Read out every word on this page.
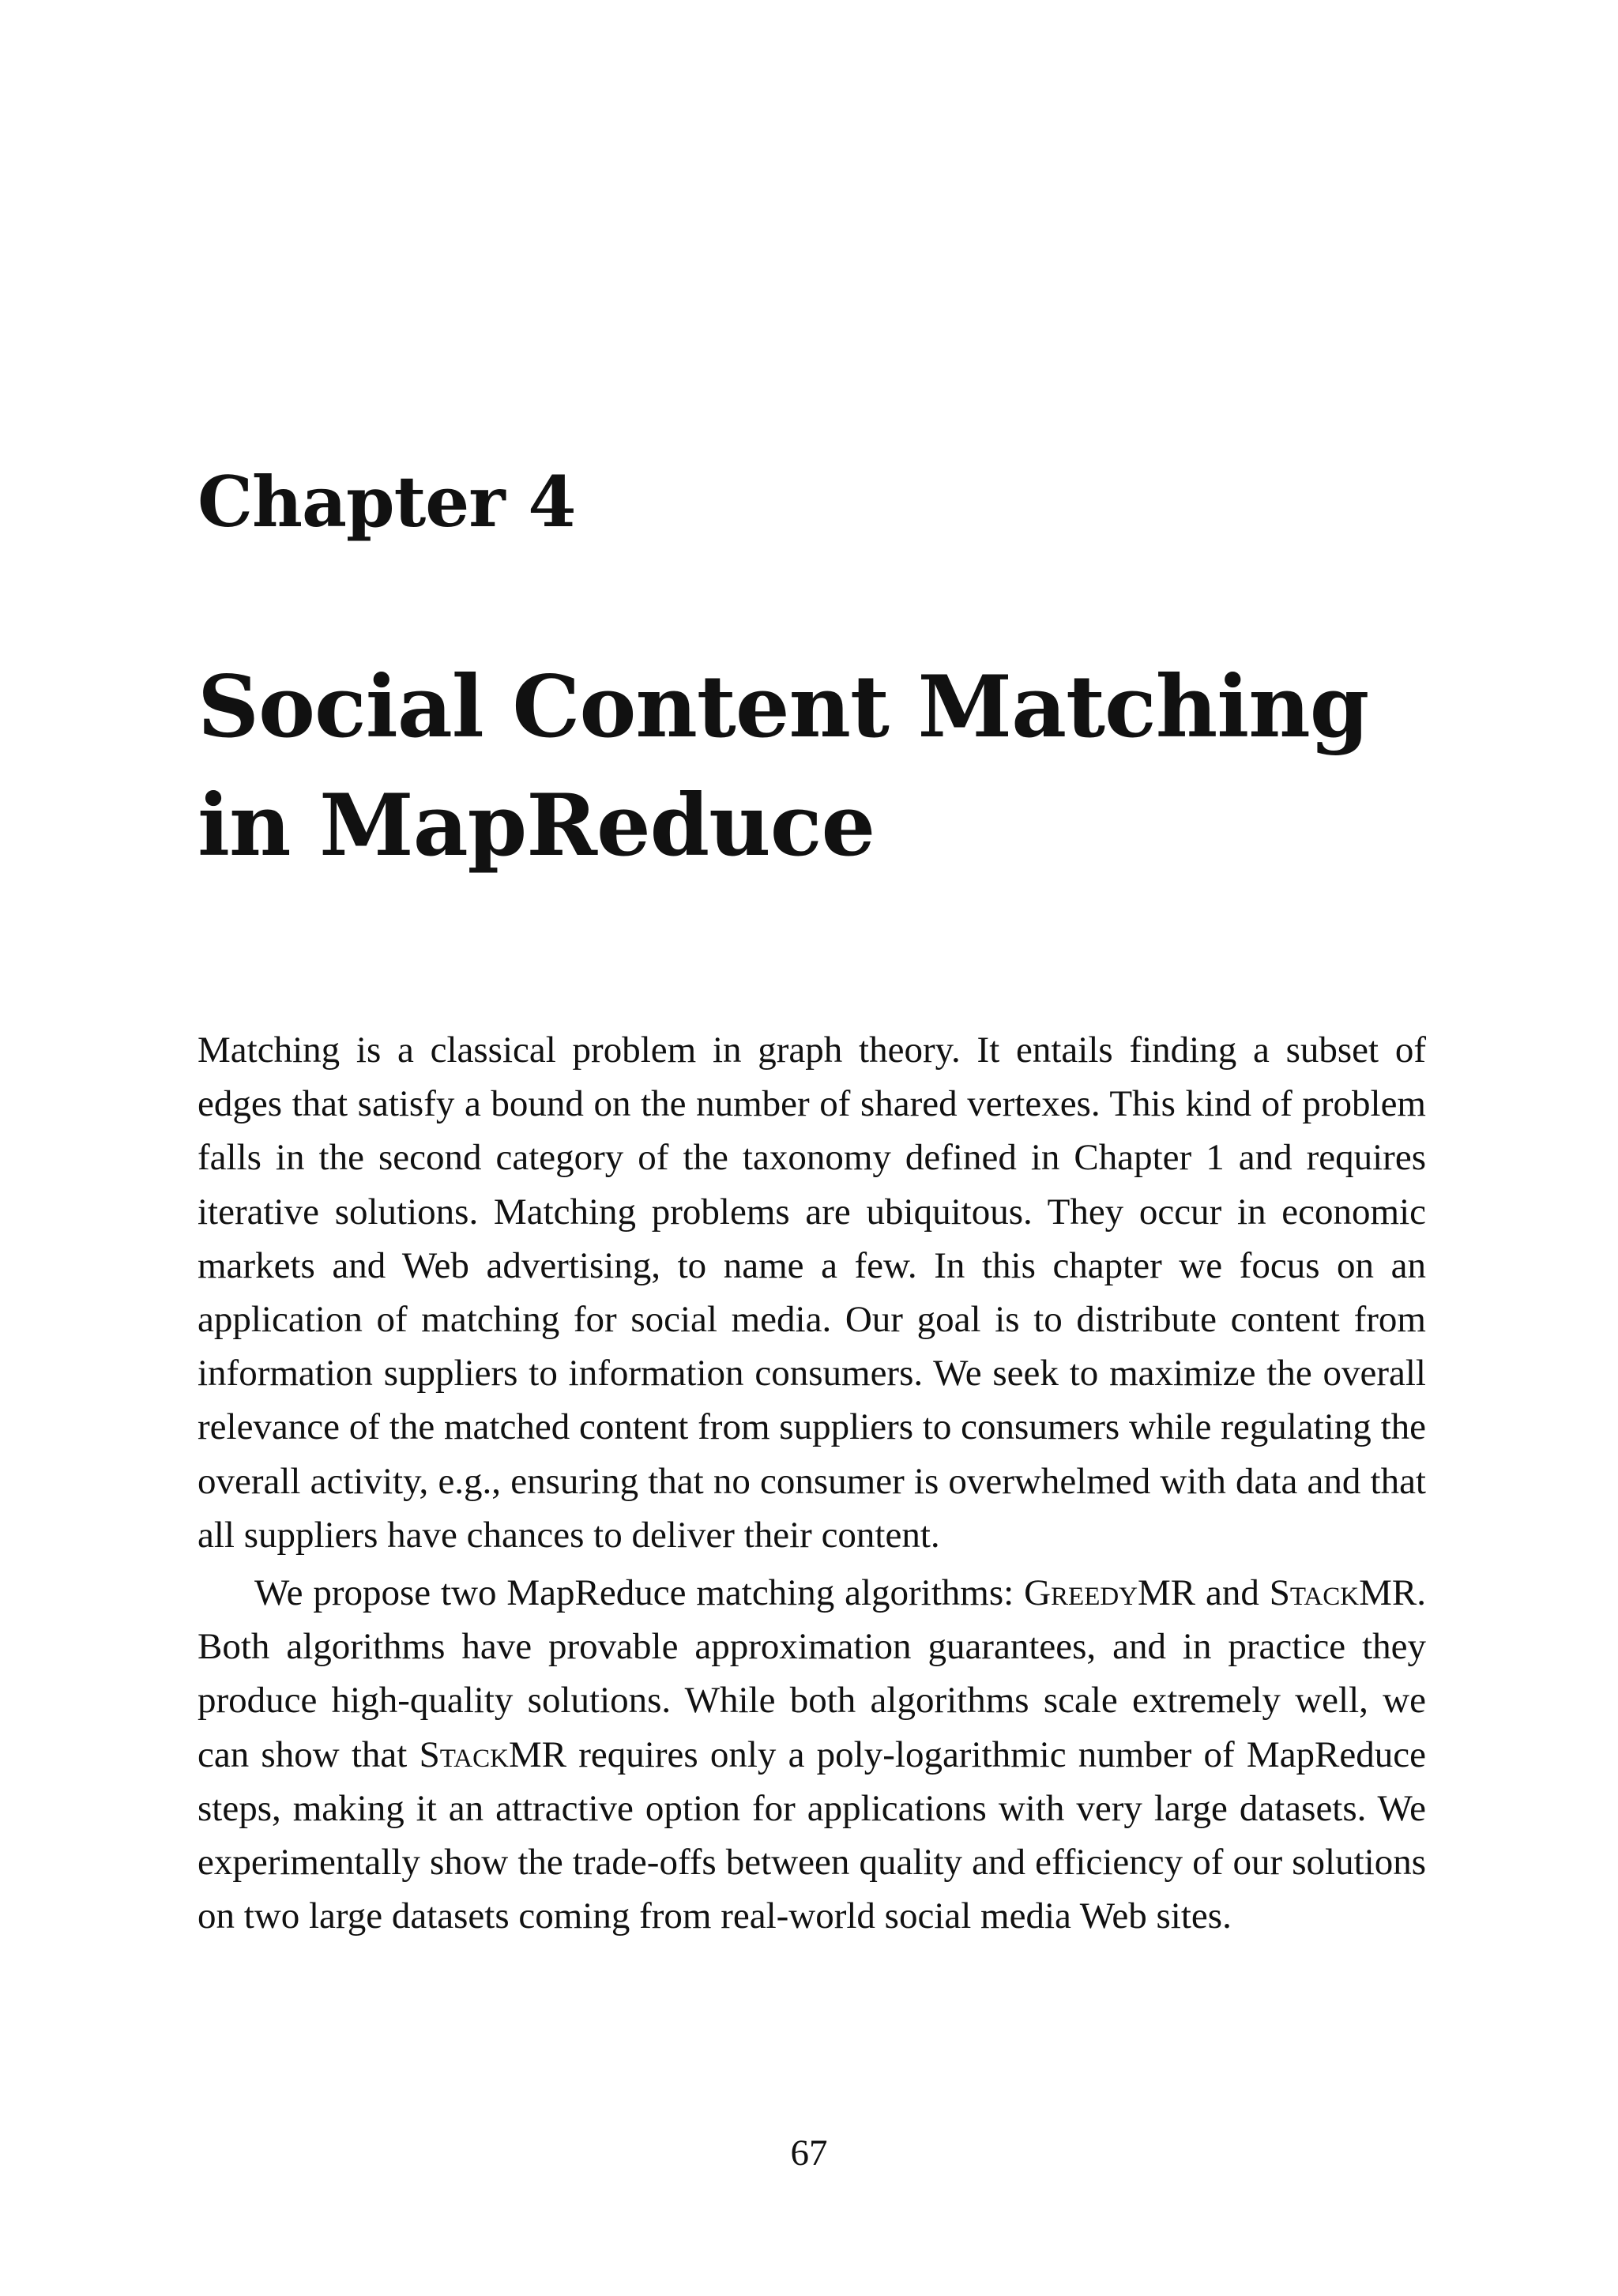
Chapter 4
Social Content Matching in MapReduce

Matching is a classical problem in graph theory. It entails finding a subset of edges that satisfy a bound on the number of shared vertexes. This kind of problem falls in the second category of the taxonomy defined in Chapter 1 and requires iterative solutions. Matching problems are ubiquitous. They occur in economic markets and Web advertising, to name a few. In this chapter we focus on an application of matching for social media. Our goal is to distribute content from information suppliers to information consumers. We seek to maximize the overall relevance of the matched content from suppliers to consumers while regulating the overall activity, e.g., ensuring that no consumer is overwhelmed with data and that all suppliers have chances to deliver their content.

We propose two MapReduce matching algorithms: GreedyMR and StackMR. Both algorithms have provable approximation guarantees, and in practice they produce high-quality solutions. While both algorithms scale extremely well, we can show that StackMR requires only a poly-logarithmic number of MapReduce steps, making it an attractive option for applications with very large datasets. We experimentally show the trade-offs between quality and efficiency of our solutions on two large datasets coming from real-world social media Web sites.

67
